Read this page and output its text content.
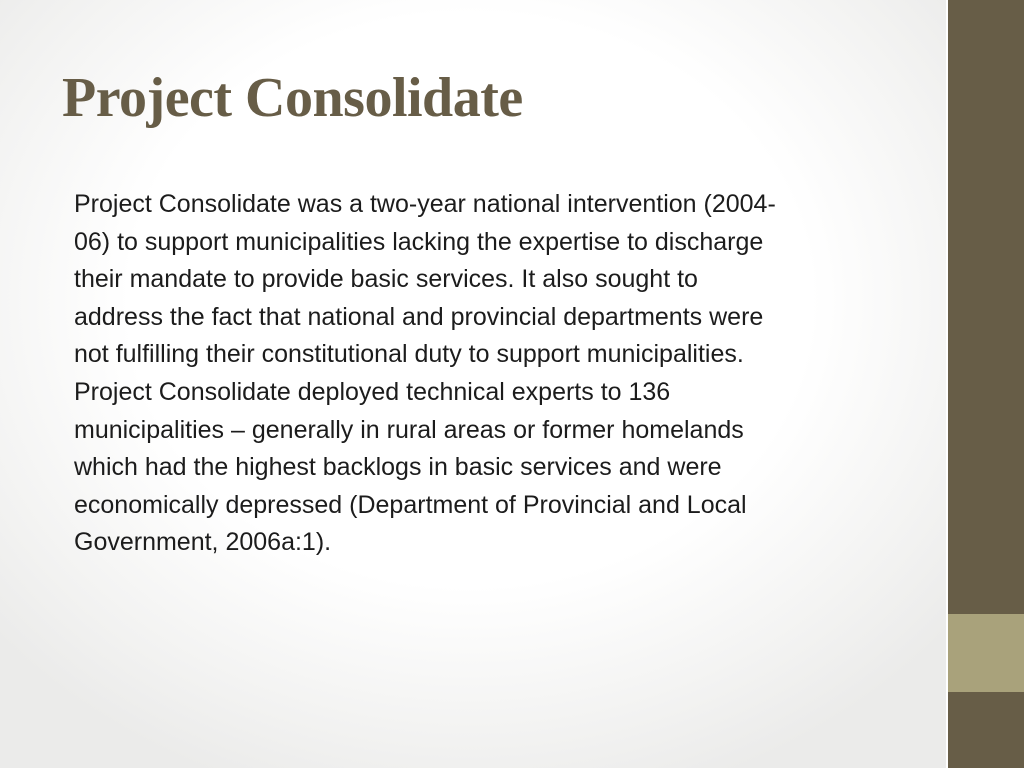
Project Consolidate

Project Consolidate was a two-year national intervention (2004-
06) to support municipalities lacking the expertise to discharge
their mandate to provide basic services. It also sought to
address the fact that national and provincial departments were
not fulfilling their constitutional duty to support municipalities.
Project Consolidate deployed technical experts to 136
municipalities – generally in rural areas or former homelands
which had the highest backlogs in basic services and were
economically depressed (Department of Provincial and Local
Government, 2006a:1).
